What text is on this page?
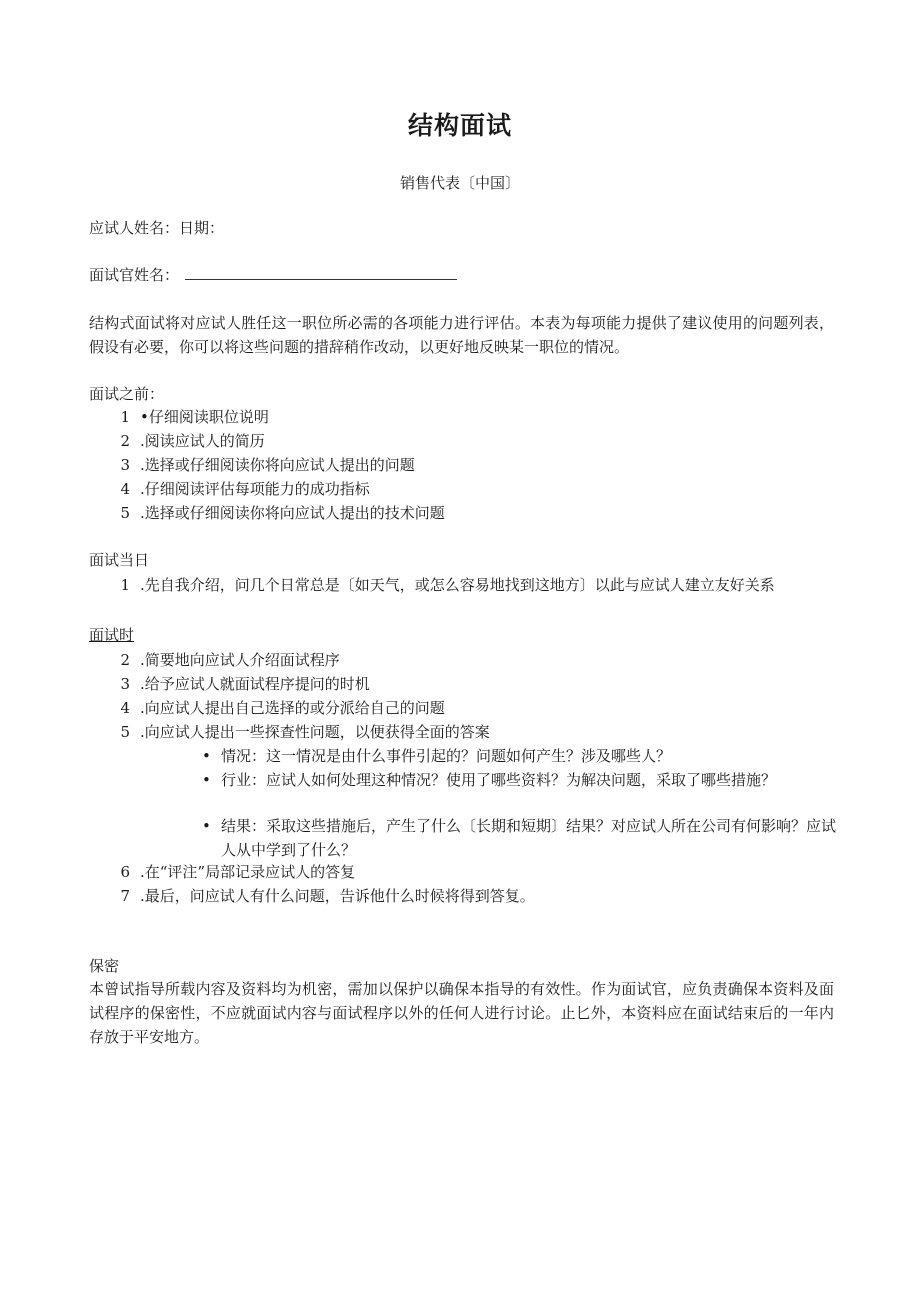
结构面试
销售代表〔中国〕
应试人姓名：日期：
面试官姓名：
结构式面试将对应试人胜任这一职位所必需的各项能力进行评估。本表为每项能力提供了建议使用的问题列表，假设有必要，你可以将这些问题的措辞稍作改动，以更好地反映某一职位的情况。
面试之前：
1 •仔细阅读职位说明
2 .阅读应试人的简历
3 .选择或仔细阅读你将向应试人提出的问题
4 .仔细阅读评估每项能力的成功指标
5 .选择或仔细阅读你将向应试人提出的技术问题
面试当日
1 .先自我介绍，问几个日常总是〔如天气，或怎么容易地找到这地方〕以此与应试人建立友好关系
面试时
2 .简要地向应试人介绍面试程序
3 .给予应试人就面试程序提问的时机
4 .向应试人提出自己选择的或分派给自己的问题
5 .向应试人提出一些探查性问题，以便获得全面的答案
• 情况：这一情况是由什么事件引起的？问题如何产生？涉及哪些人？
• 行业：应试人如何处理这种情况？使用了哪些资料？为解决问题，采取了哪些措施？
• 结果：采取这些措施后，产生了什么〔长期和短期〕结果？对应试人所在公司有何影响？应试人从中学到了什么？
6 .在“评注”局部记录应试人的答复
7 .最后，问应试人有什么问题，告诉他什么时候将得到答复。
保密
本曾试指导所载内容及资料均为机密，需加以保护以确保本指导的有效性。作为面试官，应负责确保本资料及面试程序的保密性，不应就面试内容与面试程序以外的任何人进行讨论。止匕外，本资料应在面试结束后的一年内存放于平安地方。
